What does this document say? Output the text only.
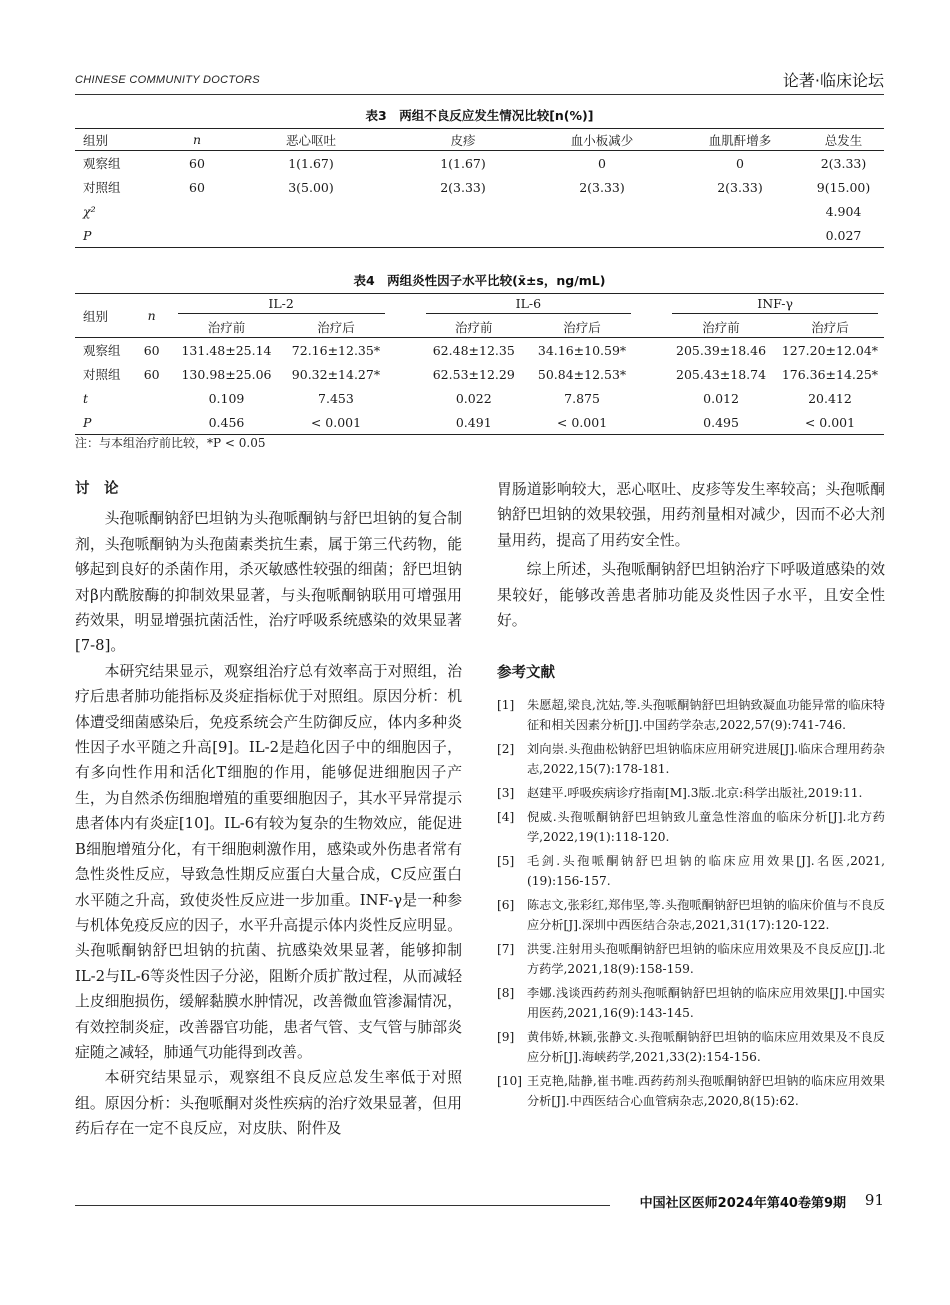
CHINESE COMMUNITY DOCTORS	论著·临床论坛
表3　两组不良反应发生情况比较[n(%)]
组别	n	恶心呕吐	皮疹	血小板减少	血肌酐增多	总发生
观察组	60	1(1.67)	1(1.67)	0	0	2(3.33)
对照组	60	3(5.00)	2(3.33)	2(3.33)	2(3.33)	9(15.00)
χ²						4.904
P						0.027
表4　两组炎性因子水平比较(x̄±s，ng/mL)
组别	n	IL-2			IL-6			INF-γ	

		治疗前	治疗后		治疗前	治疗后		治疗前	治疗后
观察组	60	131.48±25.14	72.16±12.35*		62.48±12.35	34.16±10.59*		205.39±18.46	127.20±12.04*
对照组	60	130.98±25.06	90.32±14.27*		62.53±12.29	50.84±12.53*		205.43±18.74	176.36±14.25*
t		0.109	7.453		0.022	7.875		0.012	20.412
P		0.456	< 0.001		0.491	< 0.001		0.495	< 0.001
注：与本组治疗前比较，*P < 0.05
讨　论

头孢哌酮钠舒巴坦钠为头孢哌酮钠与舒巴坦钠的复合制剂，头孢哌酮钠为头孢菌素类抗生素，属于第三代药物，能够起到良好的杀菌作用，杀灭敏感性较强的细菌；舒巴坦钠对β内酰胺酶的抑制效果显著，与头孢哌酮钠联用可增强用药效果，明显增强抗菌活性，治疗呼吸系统感染的效果显著[7-8]。

本研究结果显示，观察组治疗总有效率高于对照组，治疗后患者肺功能指标及炎症指标优于对照组。原因分析：机体遭受细菌感染后，免疫系统会产生防御反应，体内多种炎性因子水平随之升高[9]。IL-2是趋化因子中的细胞因子，有多向性作用和活化T细胞的作用，能够促进细胞因子产生，为自然杀伤细胞增殖的重要细胞因子，其水平异常提示患者体内有炎症[10]。IL-6有较为复杂的生物效应，能促进B细胞增殖分化，有干细胞刺激作用，感染或外伤患者常有急性炎性反应，导致急性期反应蛋白大量合成，C反应蛋白水平随之升高，致使炎性反应进一步加重。INF-γ是一种参与机体免疫反应的因子，水平升高提示体内炎性反应明显。头孢哌酮钠舒巴坦钠的抗菌、抗感染效果显著，能够抑制IL-2与IL-6等炎性因子分泌，阻断介质扩散过程，从而减轻上皮细胞损伤，缓解黏膜水肿情况，改善微血管渗漏情况，有效控制炎症，改善器官功能，患者气管、支气管与肺部炎症随之减轻，肺通气功能得到改善。

本研究结果显示，观察组不良反应总发生率低于对照组。原因分析：头孢哌酮对炎性疾病的治疗效果显著，但用药后存在一定不良反应，对皮肤、附件及

胃肠道影响较大，恶心呕吐、皮疹等发生率较高；头孢哌酮钠舒巴坦钠的效果较强，用药剂量相对减少，因而不必大剂量用药，提高了用药安全性。

综上所述，头孢哌酮钠舒巴坦钠治疗下呼吸道感染的效果较好，能够改善患者肺功能及炎性因子水平，且安全性好。

参考文献
[1]	朱愿超,梁良,沈姑,等.头孢哌酮钠舒巴坦钠致凝血功能异常的临床特征和相关因素分析[J].中国药学杂志,2022,57(9):741-746.
[2]	刘向崇.头孢曲松钠舒巴坦钠临床应用研究进展[J].临床合理用药杂志,2022,15(7):178-181.
[3]	赵建平.呼吸疾病诊疗指南[M].3版.北京:科学出版社,2019:11.
[4]	倪威.头孢哌酮钠舒巴坦钠致儿童急性溶血的临床分析[J].北方药学,2022,19(1):118-120.
[5]	毛剑.头孢哌酮钠舒巴坦钠的临床应用效果[J].名医,2021,(19):156-157.
[6]	陈志文,张彩红,郑伟坚,等.头孢哌酮钠舒巴坦钠的临床价值与不良反应分析[J].深圳中西医结合杂志,2021,31(17):120-122.
[7]	洪雯.注射用头孢哌酮钠舒巴坦钠的临床应用效果及不良反应[J].北方药学,2021,18(9):158-159.
[8]	李娜.浅谈西药药剂头孢哌酮钠舒巴坦钠的临床应用效果[J].中国实用医药,2021,16(9):143-145.
[9]	黄伟娇,林颖,张静文.头孢哌酮钠舒巴坦钠的临床应用效果及不良反应分析[J].海峡药学,2021,33(2):154-156.
[10] 王克艳,陆静,崔书唯.西药药剂头孢哌酮钠舒巴坦钠的临床应用效果分析[J].中西医结合心血管病杂志,2020,8(15):62.
中国社区医师2024年第40卷第9期 91
